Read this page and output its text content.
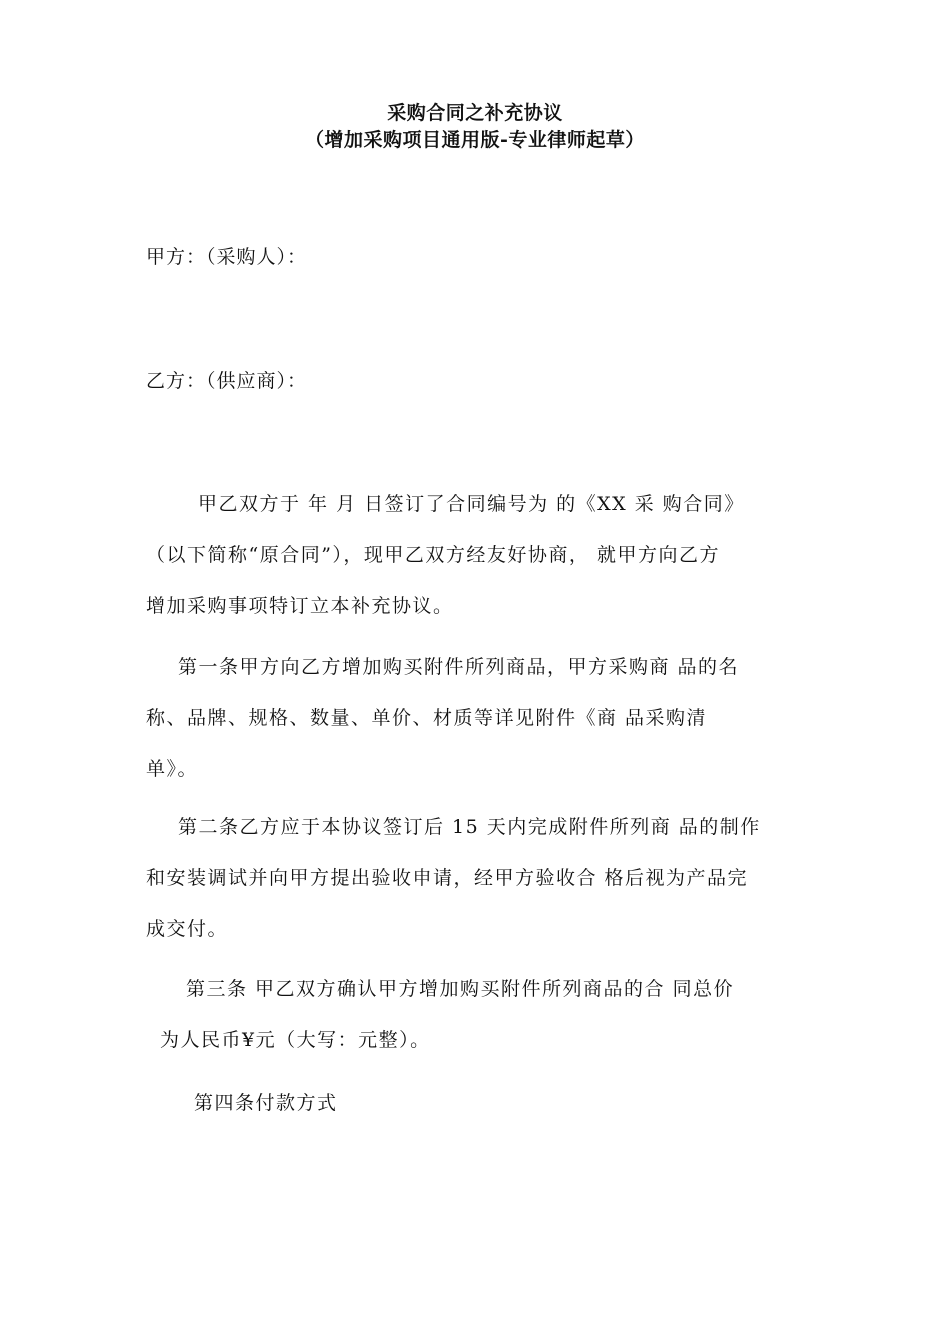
采购合同之补充协议

（增加采购项目通用版-专业律师起草）

甲方：（采购人）：

乙方：（供应商）：

甲乙双方于 年 月 日签订了合同编号为 的《XX 采 购合同》
（以下简称“原合同”），现甲乙双方经友好协商， 就甲方向乙方
增加采购事项特订立本补充协议。
第一条甲方向乙方增加购买附件所列商品，甲方采购商 品的名
称、品牌、规格、数量、单价、材质等详见附件《商 品采购清
单》。
第二条乙方应于本协议签订后 15 天内完成附件所列商 品的制作
和安装调试并向甲方提出验收申请，经甲方验收合 格后视为产品完
成交付。
第三条 甲乙双方确认甲方增加购买附件所列商品的合 同总价
为人民币¥元（大写：元整）。
第四条付款方式
